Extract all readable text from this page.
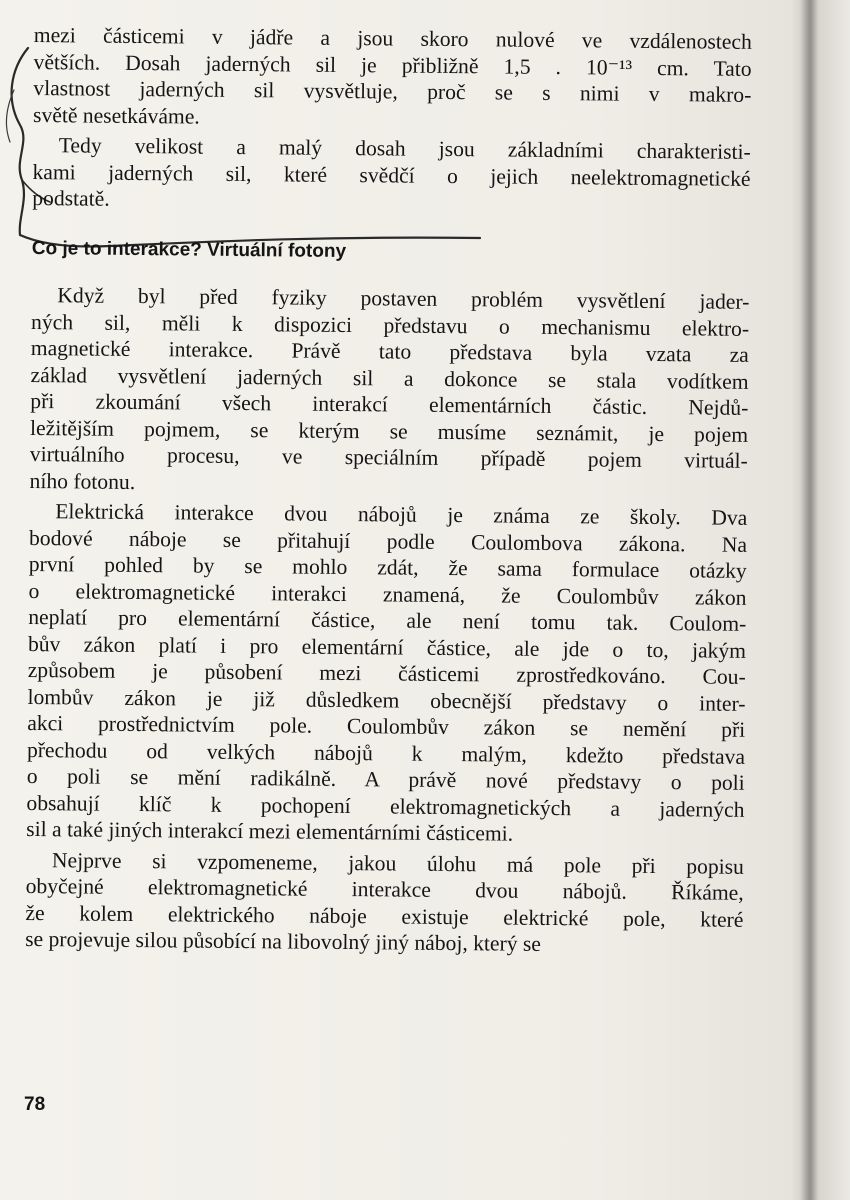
mezi částicemi v jádře a jsou skoro nulové ve vzdálenostech
větších. Dosah jaderných sil je přibližně 1,5 . 10⁻¹³ cm. Tato
vlastnost jaderných sil vysvětluje, proč se s nimi v makro-
světě nesetkáváme.
Tedy velikost a malý dosah jsou základními charakteristi-
kami jaderných sil, které svědčí o jejich neelektromagnetické
podstatě.
Co je to interakce? Virtuální fotony
Když byl před fyziky postaven problém vysvětlení jader-
ných sil, měli k dispozici představu o mechanismu elektro-
magnetické interakce. Právě tato představa byla vzata za
základ vysvětlení jaderných sil a dokonce se stala vodítkem
při zkoumání všech interakcí elementárních částic. Nejdů-
ležitějším pojmem, se kterým se musíme seznámit, je pojem
virtuálního procesu, ve speciálním případě pojem virtuál-
ního fotonu.
Elektrická interakce dvou nábojů je známa ze školy. Dva
bodové náboje se přitahují podle Coulombova zákona. Na
první pohled by se mohlo zdát, že sama formulace otázky
o elektromagnetické interakci znamená, že Coulombův zákon
neplatí pro elementární částice, ale není tomu tak. Coulom-
bův zákon platí i pro elementární částice, ale jde o to, jakým
způsobem je působení mezi částicemi zprostředkováno. Cou-
lombův zákon je již důsledkem obecnější představy o inter-
akci prostřednictvím pole. Coulombův zákon se nemění při
přechodu od velkých nábojů k malým, kdežto představa
o poli se mění radikálně. A právě nové představy o poli
obsahují klíč k pochopení elektromagnetických a jaderných
sil a také jiných interakcí mezi elementárními částicemi.
Nejprve si vzpomeneme, jakou úlohu má pole při popisu
obyčejné elektromagnetické interakce dvou nábojů. Říkáme,
že kolem elektrického náboje existuje elektrické pole, které
se projevuje silou působící na libovolný jiný náboj, který se
78
